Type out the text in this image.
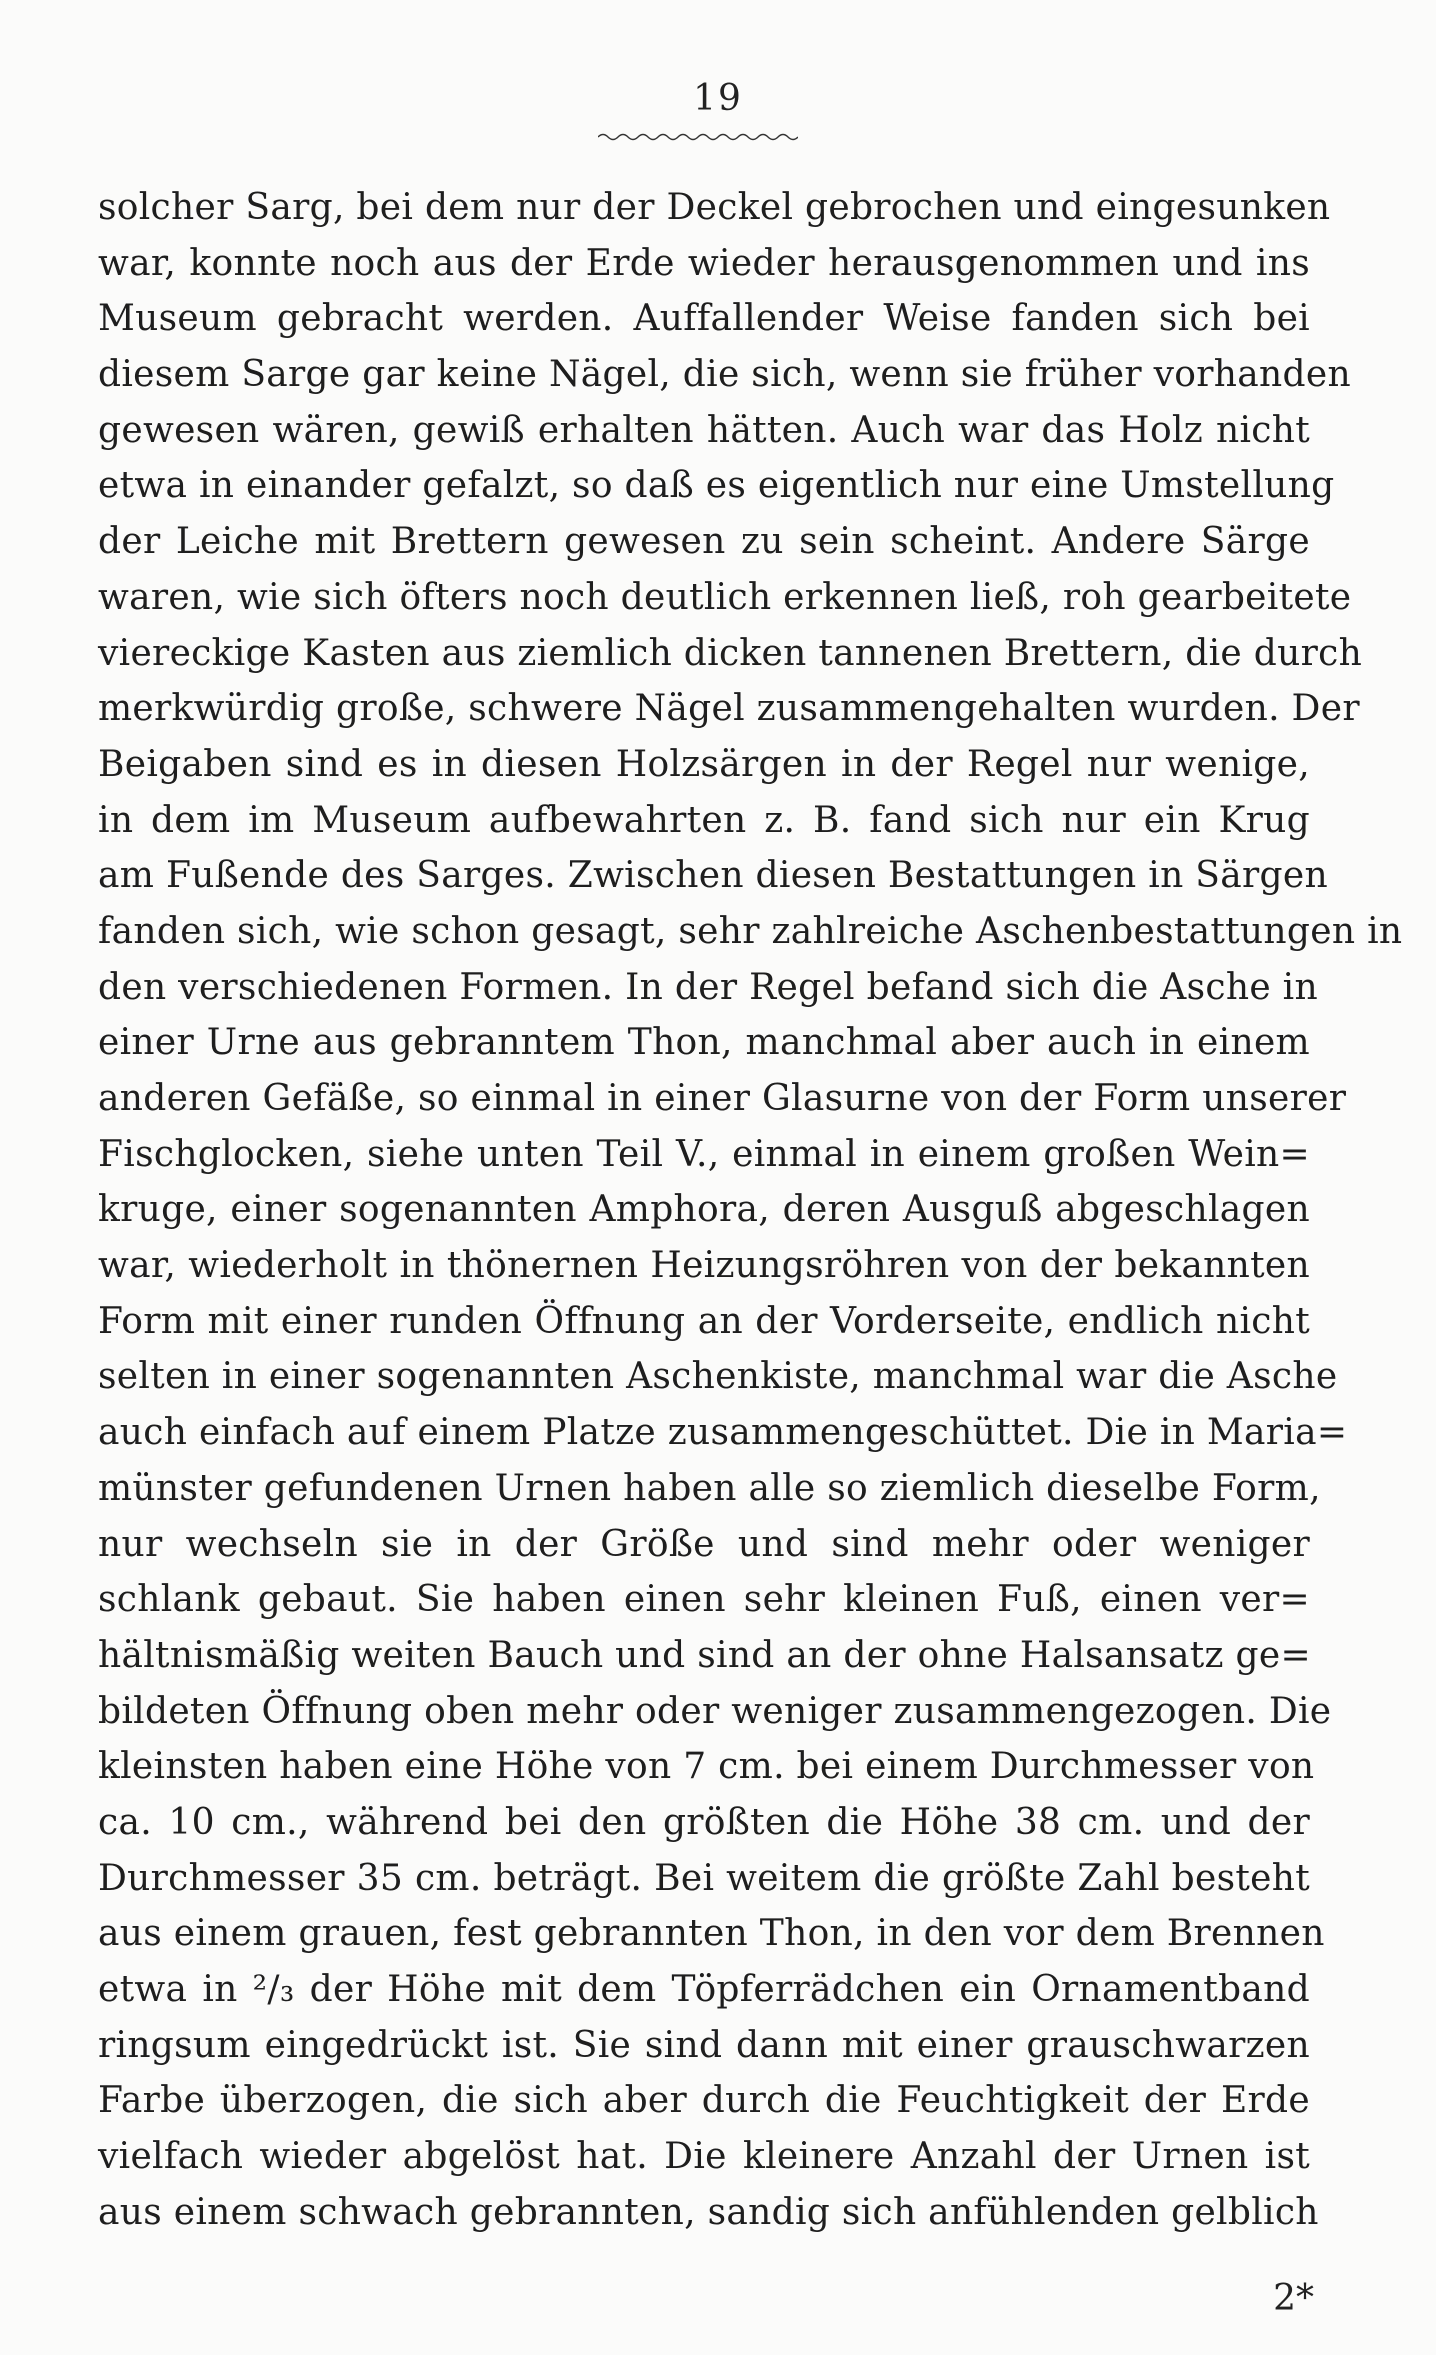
19
solcher Sarg, bei dem nur der Deckel gebrochen und eingesunken
war, konnte noch aus der Erde wieder herausgenommen und ins
Museum gebracht werden. Auffallender Weise fanden sich bei
diesem Sarge gar keine Nägel, die sich, wenn sie früher vorhanden
gewesen wären, gewiß erhalten hätten. Auch war das Holz nicht
etwa in einander gefalzt, so daß es eigentlich nur eine Umstellung
der Leiche mit Brettern gewesen zu sein scheint. Andere Särge
waren, wie sich öfters noch deutlich erkennen ließ, roh gearbeitete
viereckige Kasten aus ziemlich dicken tannenen Brettern, die durch
merkwürdig große, schwere Nägel zusammengehalten wurden. Der
Beigaben sind es in diesen Holzsärgen in der Regel nur wenige,
in dem im Museum aufbewahrten z. B. fand sich nur ein Krug
am Fußende des Sarges. Zwischen diesen Bestattungen in Särgen
fanden sich, wie schon gesagt, sehr zahlreiche Aschenbestattungen in
den verschiedenen Formen. In der Regel befand sich die Asche in
einer Urne aus gebranntem Thon, manchmal aber auch in einem
anderen Gefäße, so einmal in einer Glasurne von der Form unserer
Fischglocken, siehe unten Teil V., einmal in einem großen Wein=
kruge, einer sogenannten Amphora, deren Ausguß abgeschlagen
war, wiederholt in thönernen Heizungsröhren von der bekannten
Form mit einer runden Öffnung an der Vorderseite, endlich nicht
selten in einer sogenannten Aschenkiste, manchmal war die Asche
auch einfach auf einem Platze zusammengeschüttet. Die in Maria=
münster gefundenen Urnen haben alle so ziemlich dieselbe Form,
nur wechseln sie in der Größe und sind mehr oder weniger
schlank gebaut. Sie haben einen sehr kleinen Fuß, einen ver=
hältnismäßig weiten Bauch und sind an der ohne Halsansatz ge=
bildeten Öffnung oben mehr oder weniger zusammengezogen. Die
kleinsten haben eine Höhe von 7 cm. bei einem Durchmesser von
ca. 10 cm., während bei den größten die Höhe 38 cm. und der
Durchmesser 35 cm. beträgt. Bei weitem die größte Zahl besteht
aus einem grauen, fest gebrannten Thon, in den vor dem Brennen
etwa in ²/₃ der Höhe mit dem Töpferrädchen ein Ornamentband
ringsum eingedrückt ist. Sie sind dann mit einer grauschwarzen
Farbe überzogen, die sich aber durch die Feuchtigkeit der Erde
vielfach wieder abgelöst hat. Die kleinere Anzahl der Urnen ist
aus einem schwach gebrannten, sandig sich anfühlenden gelblich
2*
